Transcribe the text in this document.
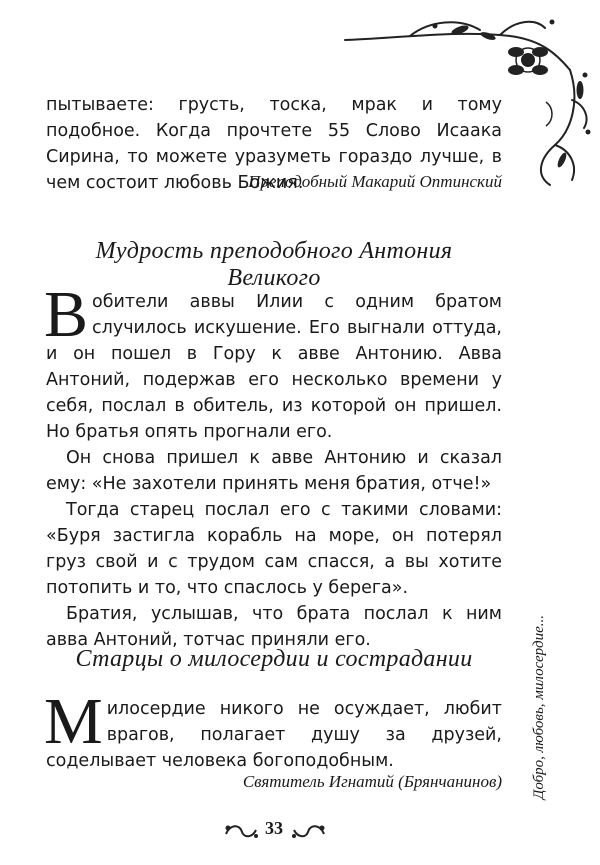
пытываете: грусть, тоска, мрак и тому подобное. Когда прочтете 55 Слово Исаака Сирина, то можете уразуметь гораздо лучше, в чем состоит любовь Божия.

Преподобный Макарий Оптинский
Мудрость преподобного Антония Великого

Вобители аввы Илии с одним братом случилось искушение. Его выгнали оттуда, и он пошел в Гору к авве Антонию. Авва Антоний, подержав его несколько времени у себя, послал в обитель, из которой он пришел. Но братья опять прогнали его.

Он снова пришел к авве Антонию и сказал ему: «Не захотели принять меня братия, отче!»

Тогда старец послал его с такими словами: «Буря застигла корабль на море, он потерял груз свой и с трудом сам спасся, а вы хотите потопить и то, что спаслось у берега».

Братия, услышав, что брата послал к ним авва Антоний, тотчас приняли его.

Старцы о милосердии и сострадании

Милосердие никого не осуждает, любит врагов, полагает душу за друзей, соделывает человека богоподобным.

Святитель Игнатий (Брянчанинов) Добро, любовь, милосердие...
33
